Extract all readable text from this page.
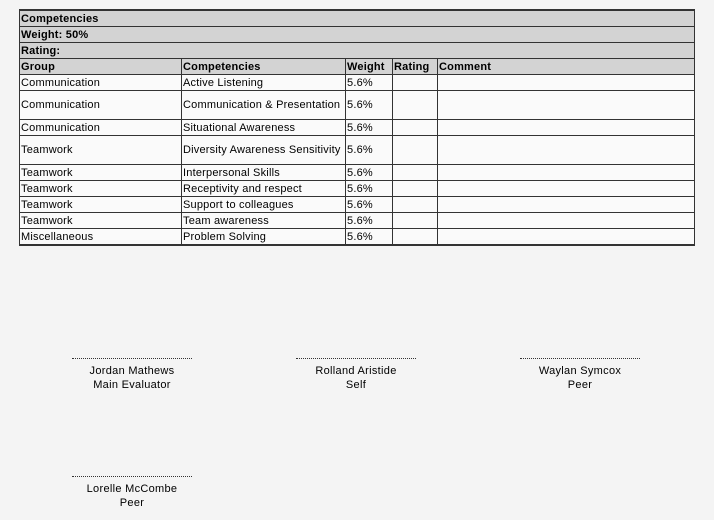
Competencies				
Weight: 50%				
Rating:				
Group	Competencies	Weight	Rating	Comment
Communication	Active Listening	5.6%		
Communication	Communication & Presentation	5.6%		
Communication	Situational Awareness	5.6%		
Teamwork	Diversity Awareness Sensitivity	5.6%		
Teamwork	Interpersonal Skills	5.6%		
Teamwork	Receptivity and respect	5.6%		
Teamwork	Support to colleagues	5.6%		
Teamwork	Team awareness	5.6%		
Miscellaneous	Problem Solving	5.6%		
Jordan Mathews
Main Evaluator
Rolland Aristide
Self
Waylan Symcox
Peer
Lorelle McCombe
Peer
